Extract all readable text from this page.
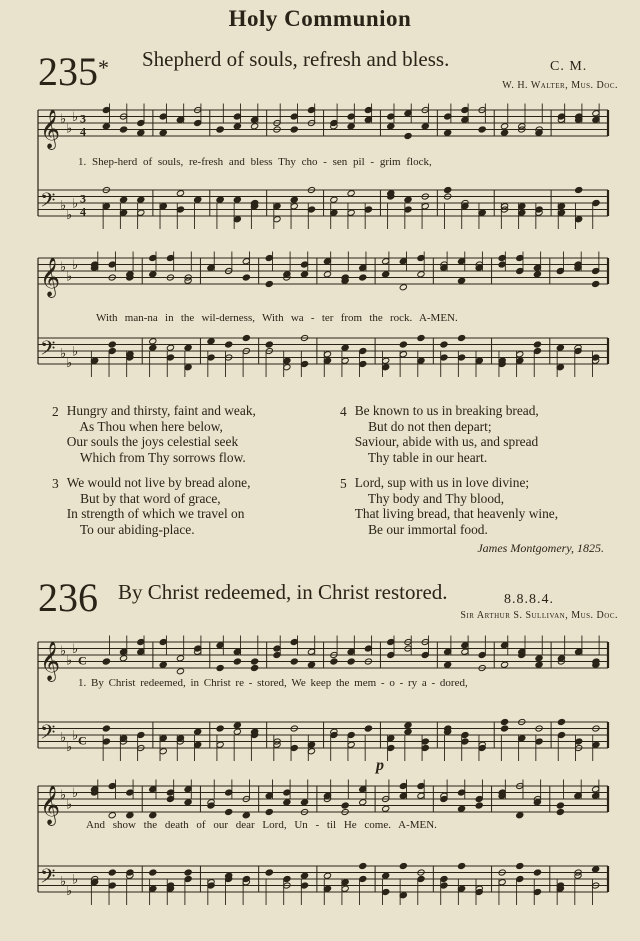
Holy Communion
235* Shepherd of souls, refresh and bless.	C. M.
W. H. Walter, Mus. Doc.
𝄞 ♭
♭
♭ 3
4
𝄢 ♭
♭
♭ 3
4
1. Shep-herd of souls, re-fresh and bless Thy cho - sen pil - grim flock,
𝄞 ♭
♭
♭
𝄢 ♭
♭
♭
With man-na in the wil-derness, With wa - ter from the rock. A-MEN.
2 Hungry and thirsty, faint and weak,
As Thou when here below,
Our souls the joys celestial seek
Which from Thy sorrows flow.
3 We would not live by bread alone,
But by that word of grace,
In strength of which we travel on
To our abiding-place.
4 Be known to us in breaking bread,
But do not then depart;
Saviour, abide with us, and spread
Thy table in our heart.
5 Lord, sup with us in love divine;
Thy body and Thy blood,
That living bread, that heavenly wine,
Be our immortal food.
James Montgomery, 1825.
236 By Christ redeemed, in Christ restored.	8.8.8.4.
Sir Arthur S. Sullivan, Mus. Doc.
𝄞 ♭
♭
♭
C
𝄢 ♭
♭
♭ C
1. By Christ redeemed, in Christ re - stored, We keep the mem - o - ry a - dored,
p
𝄞 ♭
♭
♭
𝄢 ♭
♭
♭
And show the death of our dear Lord, Un - til He come. A-MEN.
